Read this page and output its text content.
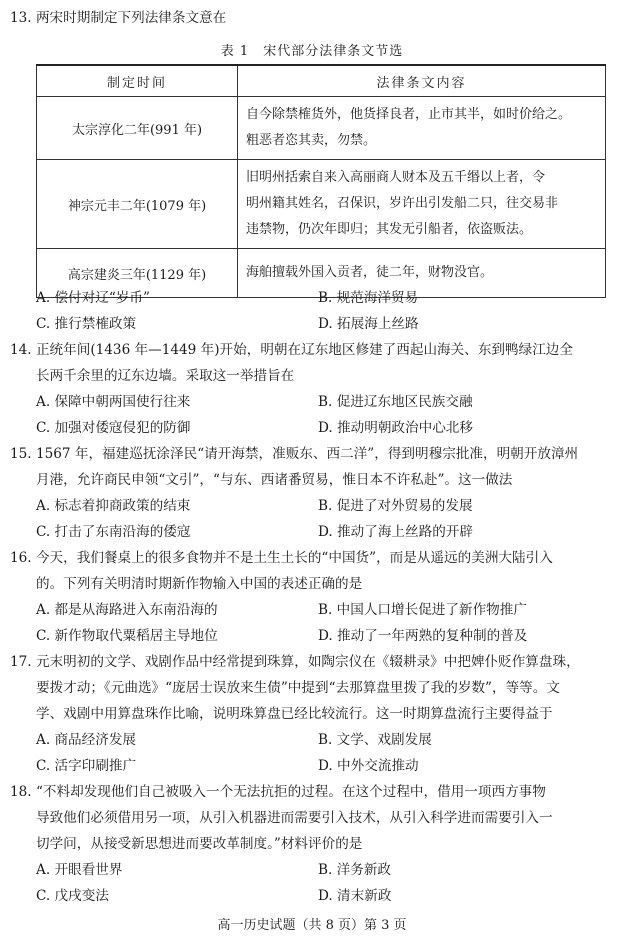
13. 两宋时期制定下列法律条文意在
表 1　宋代部分法律条文节选
制定时间	法律条文内容
太宗淳化二年(991 年)	自今除禁榷货外，他货择良者，止市其半，如时价给之。
粗恶者恣其卖，勿禁。

神宗元丰二年(1079 年)	旧明州括索自来入高丽商人财本及五千缗以上者，令
明州籍其姓名，召保识，岁许出引发船二只，往交易非
违禁物，仍次年即归；其发无引船者，依盗贩法。

高宗建炎三年(1129 年)	海舶擅载外国入贡者，徒二年，财物没官。
A. 偿付对辽“岁币”	B. 规范海洋贸易
C. 推行禁榷政策	D. 拓展海上丝路
14. 正统年间(1436 年—1449 年)开始，明朝在辽东地区修建了西起山海关、东到鸭绿江边全
长两千余里的辽东边墙。采取这一举措旨在
A. 保障中朝两国使行往来	B. 促进辽东地区民族交融
C. 加强对倭寇侵犯的防御	D. 推动明朝政治中心北移
15. 1567 年，福建巡抚涂泽民“请开海禁，准贩东、西二洋”，得到明穆宗批准，明朝开放漳州
月港，允许商民申领“文引”，“与东、西诸番贸易，惟日本不许私赴”。这一做法
A. 标志着抑商政策的结束	B. 促进了对外贸易的发展
C. 打击了东南沿海的倭寇	D. 推动了海上丝路的开辟
16. 今天，我们餐桌上的很多食物并不是土生土长的“中国货”，而是从遥远的美洲大陆引入
的。下列有关明清时期新作物输入中国的表述正确的是
A. 都是从海路进入东南沿海的	B. 中国人口增长促进了新作物推广
C. 新作物取代粟稻居主导地位	D. 推动了一年两熟的复种制的普及
17. 元末明初的文学、戏剧作品中经常提到珠算，如陶宗仪在《辍耕录》中把婢仆贬作算盘珠，
要拨才动；《元曲选》“庞居士误放来生债”中提到“去那算盘里拨了我的岁数”，等等。文
学、戏剧中用算盘珠作比喻，说明珠算盘已经比较流行。这一时期算盘流行主要得益于
A. 商品经济发展	B. 文学、戏剧发展
C. 活字印刷推广	D. 中外交流推动
18. “不料却发现他们自己被吸入一个无法抗拒的过程。在这个过程中，借用一项西方事物
导致他们必须借用另一项，从引入机器进而需要引入技术，从引入科学进而需要引入一
切学问，从接受新思想进而要改革制度。”材料评价的是
A. 开眼看世界	B. 洋务新政
C. 戊戌变法	D. 清末新政
高一历史试题（共 8 页）第 3 页
